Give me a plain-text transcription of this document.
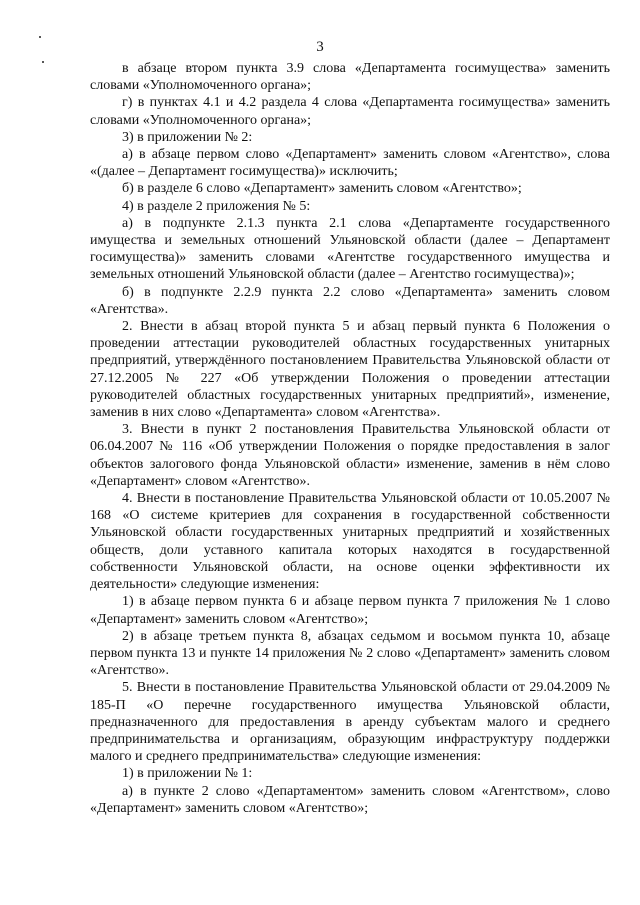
3

в абзаце втором пункта 3.9 слова «Департамента госимущества» заменить словами «Уполномоченного органа»;

г) в пунктах 4.1 и 4.2 раздела 4 слова «Департамента госимущества» заменить словами «Уполномоченного органа»;

3) в приложении № 2:

а) в абзаце первом слово «Департамент» заменить словом «Агентство», слова «(далее – Департамент госимущества)» исключить;

б) в разделе 6 слово «Департамент» заменить словом «Агентство»;

4) в разделе 2 приложения № 5:

а) в подпункте 2.1.3 пункта 2.1 слова «Департаменте государственного имущества и земельных отношений Ульяновской области (далее – Департамент госимущества)» заменить словами «Агентстве государственного имущества и земельных отношений Ульяновской области (далее – Агентство госимущества)»;

б) в подпункте 2.2.9 пункта 2.2 слово «Департамента» заменить словом «Агентства».

2. Внести в абзац второй пункта 5 и абзац первый пункта 6 Положения о проведении аттестации руководителей областных государственных унитарных предприятий, утверждённого постановлением Правительства Ульяновской области от 27.12.2005 № 227 «Об утверждении Положения о проведении аттестации руководителей областных государственных унитарных предприятий», изменение, заменив в них слово «Департамента» словом «Агентства».

3. Внести в пункт 2 постановления Правительства Ульяновской области от 06.04.2007 № 116 «Об утверждении Положения о порядке предоставления в залог объектов залогового фонда Ульяновской области» изменение, заменив в нём слово «Департамент» словом «Агентство».

4. Внести в постановление Правительства Ульяновской области от 10.05.2007 № 168 «О системе критериев для сохранения в государственной собственности Ульяновской области государственных унитарных предприятий и хозяйственных обществ, доли уставного капитала которых находятся в государственной собственности Ульяновской области, на основе оценки эффективности их деятельности» следующие изменения:

1) в абзаце первом пункта 6 и абзаце первом пункта 7 приложения № 1 слово «Департамент» заменить словом «Агентство»;

2) в абзаце третьем пункта 8, абзацах седьмом и восьмом пункта 10, абзаце первом пункта 13 и пункте 14 приложения № 2 слово «Департамент» заменить словом «Агентство».

5. Внести в постановление Правительства Ульяновской области от 29.04.2009 № 185-П «О перечне государственного имущества Ульяновской области, предназначенного для предоставления в аренду субъектам малого и среднего предпринимательства и организациям, образующим инфраструктуру поддержки малого и среднего предпринимательства» следующие изменения:

1) в приложении № 1:

а) в пункте 2 слово «Департаментом» заменить словом «Агентством», слово «Департамент» заменить словом «Агентство»;
